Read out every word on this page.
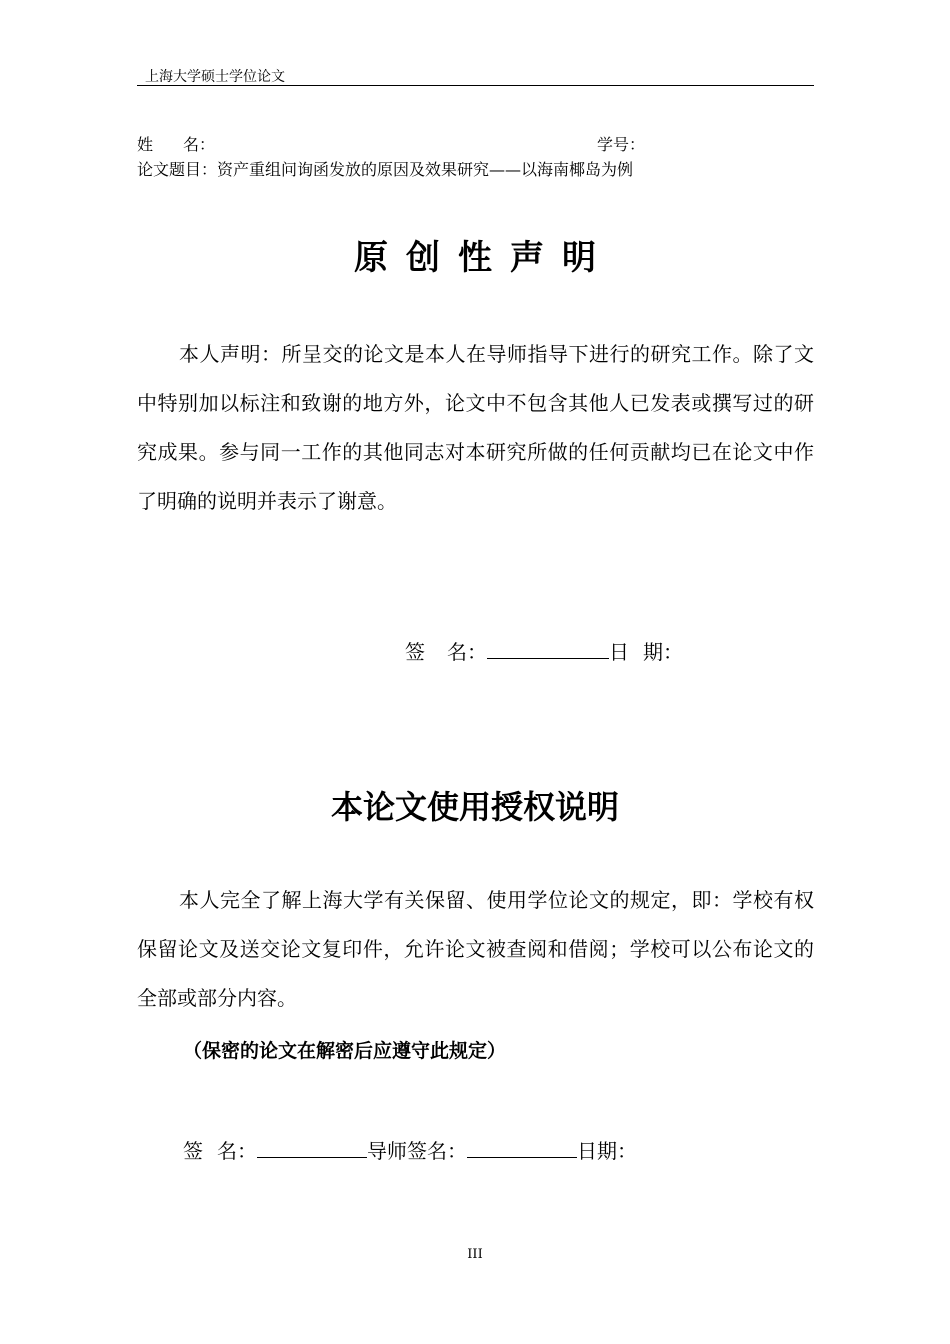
上海大学硕士学位论文
姓 名：	学号：
论文题目：资产重组问询函发放的原因及效果研究——以海南椰岛为例
原创性声明
本人声明：所呈交的论文是本人在导师指导下进行的研究工作。除了文中特别加以标注和致谢的地方外，论文中不包含其他人已发表或撰写过的研究成果。参与同一工作的其他同志对本研究所做的任何贡献均已在论文中作了明确的说明并表示了谢意。
签 名：	日 期：
本论文使用授权说明
本人完全了解上海大学有关保留、使用学位论文的规定，即：学校有权保留论文及送交论文复印件，允许论文被查阅和借阅；学校可以公布论文的全部或部分内容。
（保密的论文在解密后应遵守此规定）
签 名：	导师签名：	日期：
III
